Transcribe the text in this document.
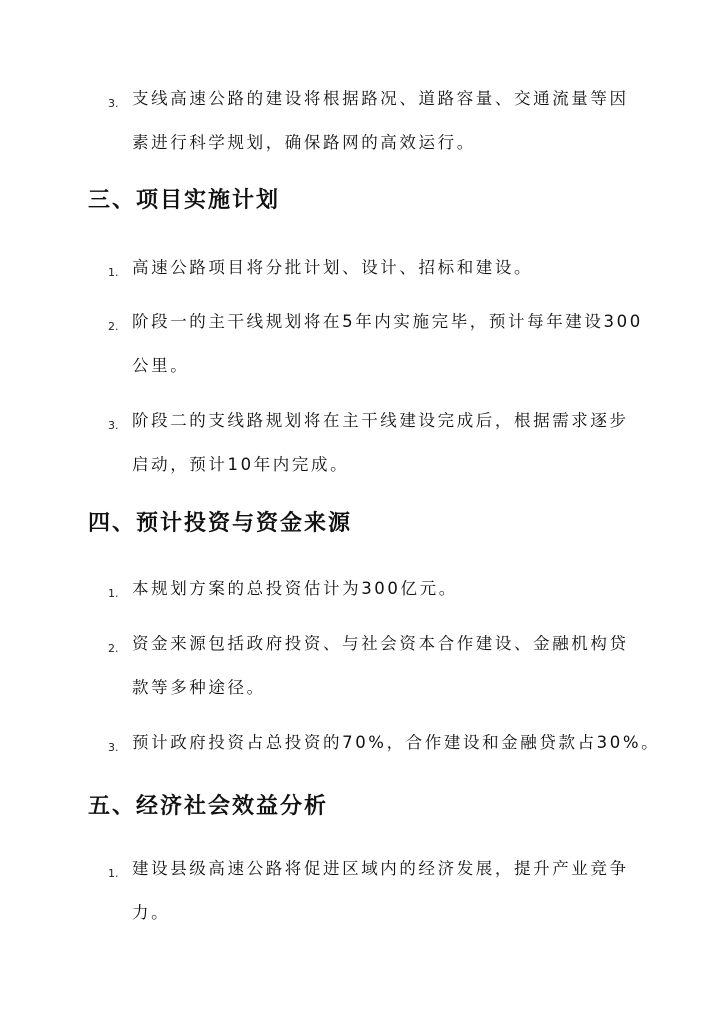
3. 支线高速公路的建设将根据路况、道路容量、交通流量等因
素进行科学规划，确保路网的高效运行。
三、项目实施计划
1. 高速公路项目将分批计划、设计、招标和建设。
2. 阶段一的主干线规划将在5年内实施完毕，预计每年建设300
公里。
3. 阶段二的支线路规划将在主干线建设完成后，根据需求逐步
启动，预计10年内完成。
四、预计投资与资金来源
1. 本规划方案的总投资估计为300亿元。
2. 资金来源包括政府投资、与社会资本合作建设、金融机构贷
款等多种途径。
3. 预计政府投资占总投资的70%，合作建设和金融贷款占30%。
五、经济社会效益分析
1. 建设县级高速公路将促进区域内的经济发展，提升产业竞争
力。
